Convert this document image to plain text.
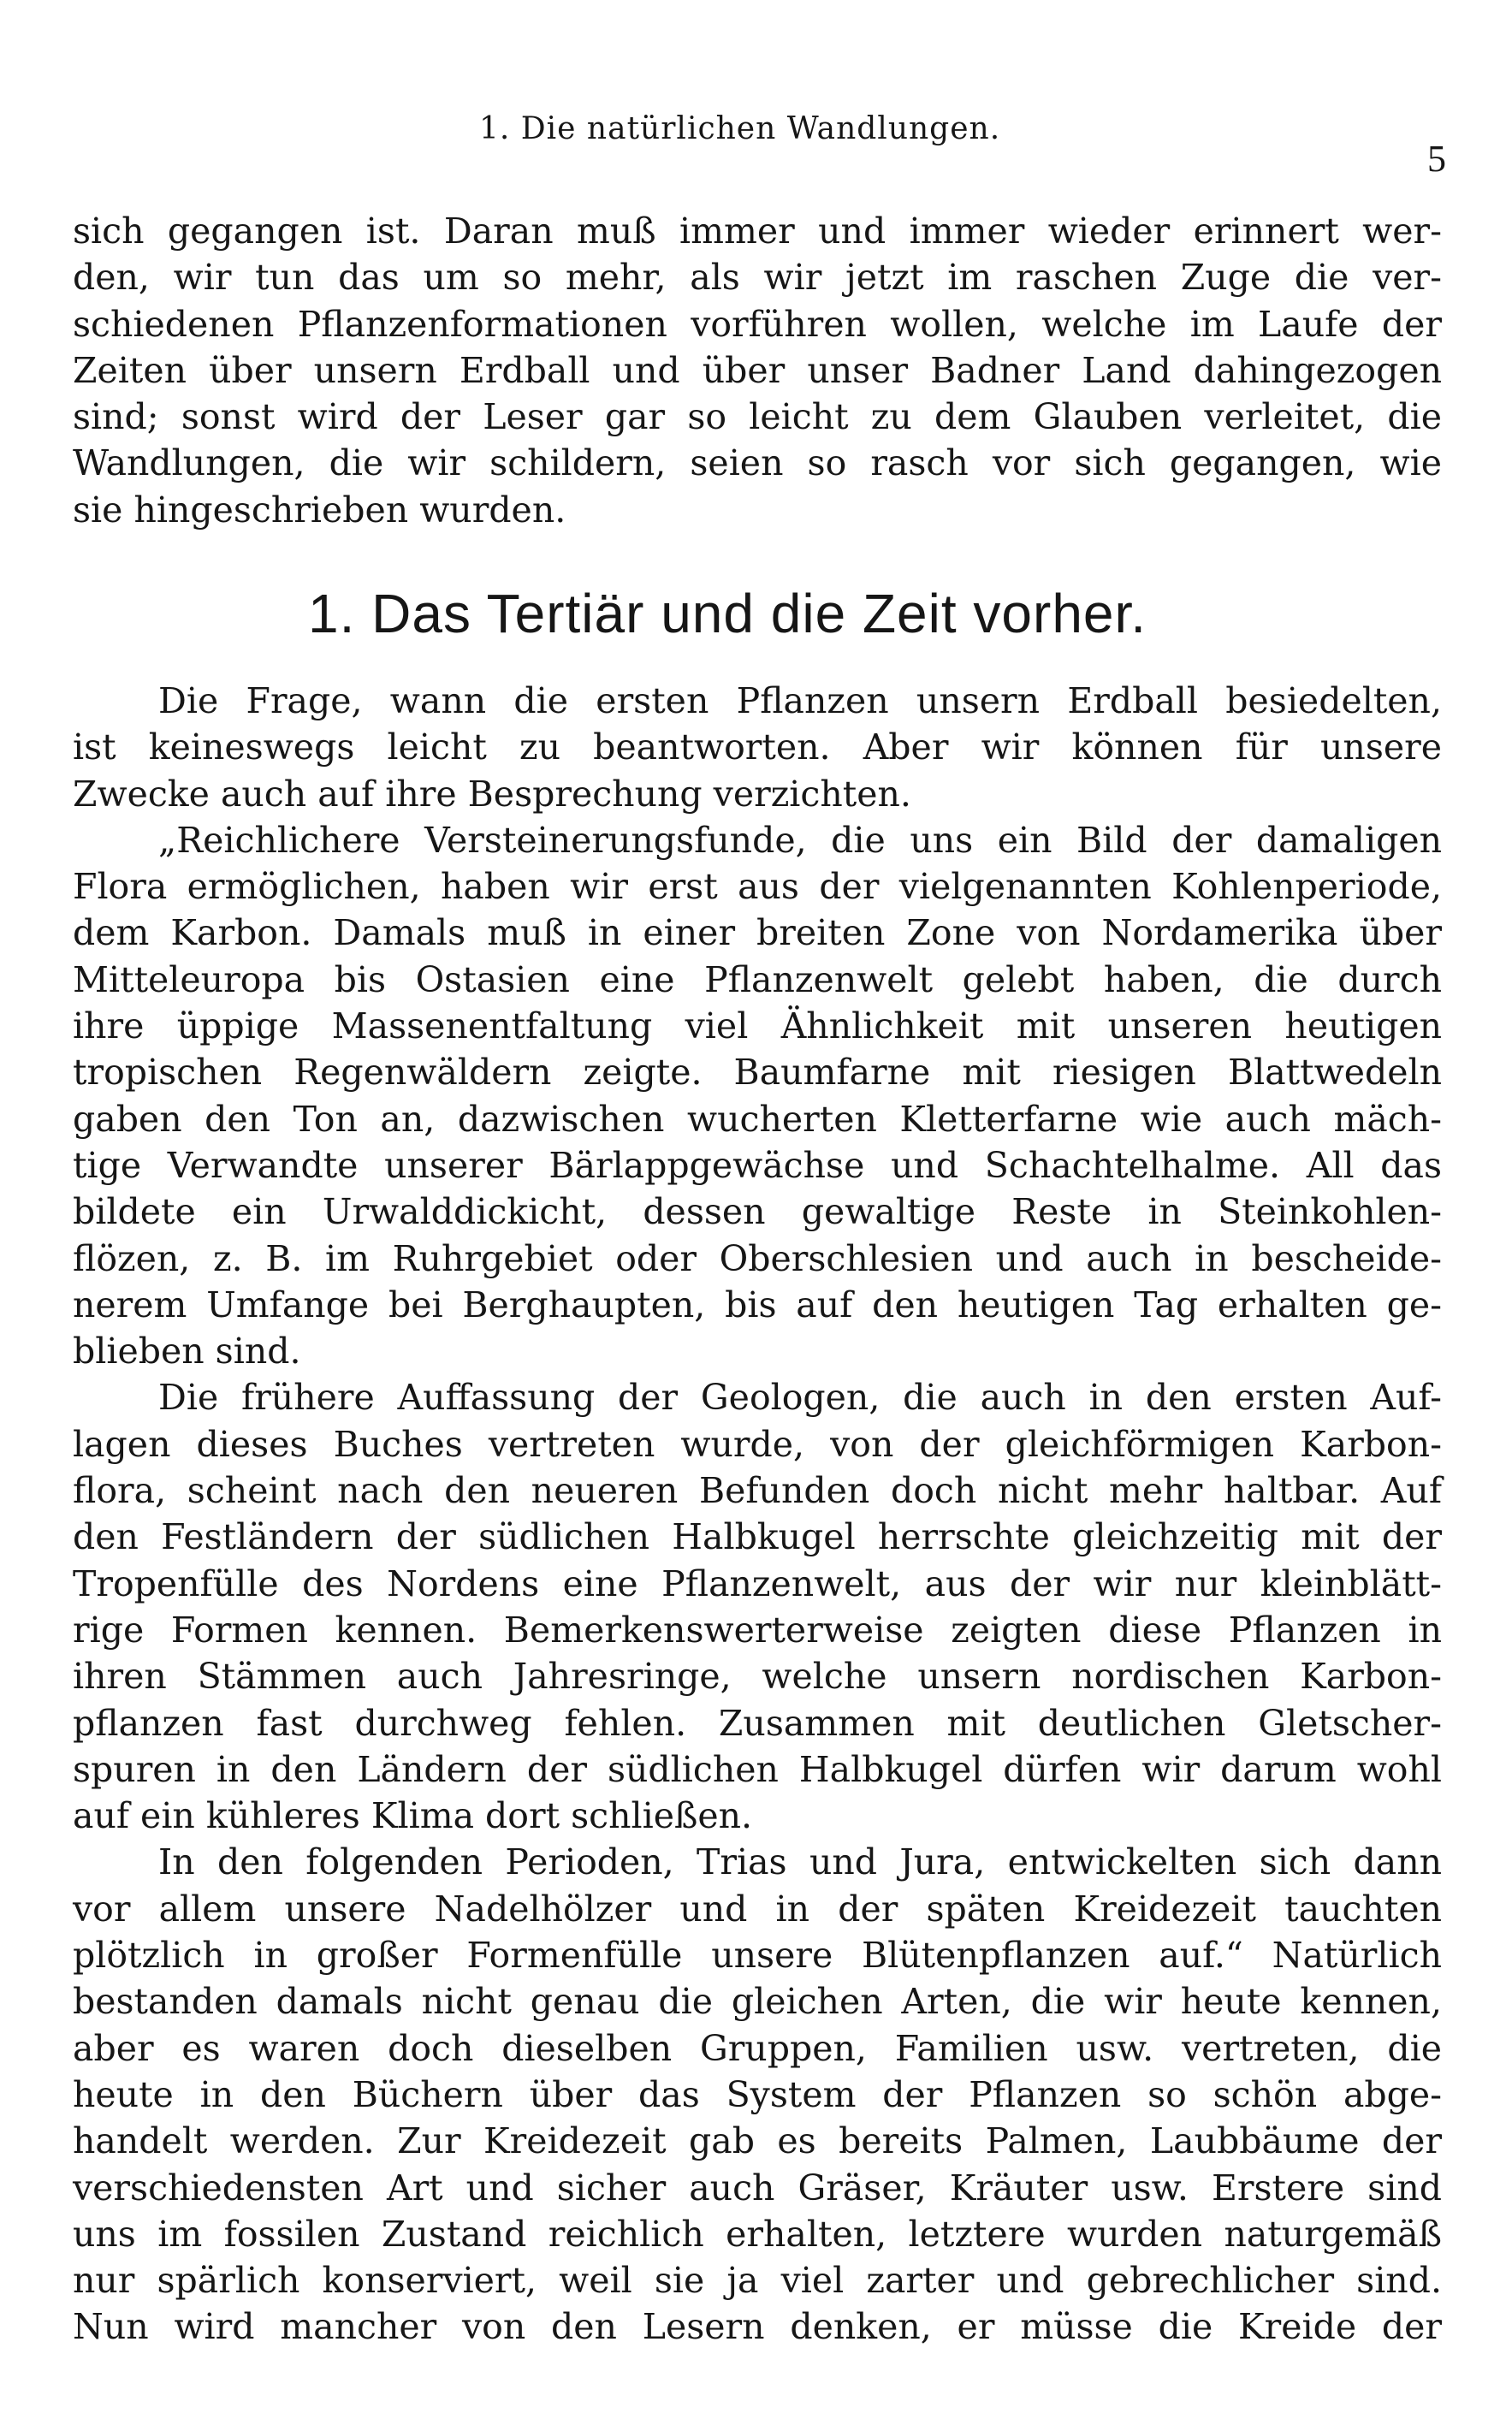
1. Die natürlichen Wandlungen.
5
sich gegangen ist. Daran muß immer und immer wieder erinnert wer-
den, wir tun das um so mehr, als wir jetzt im raschen Zuge die ver-
schiedenen Pflanzenformationen vorführen wollen, welche im Laufe der
Zeiten über unsern Erdball und über unser Badner Land dahingezogen
sind; sonst wird der Leser gar so leicht zu dem Glauben verleitet, die
Wandlungen, die wir schildern, seien so rasch vor sich gegangen, wie
sie hingeschrieben wurden.
1. Das Tertiär und die Zeit vorher.
Die Frage, wann die ersten Pflanzen unsern Erdball besiedelten,
ist keineswegs leicht zu beantworten. Aber wir können für unsere
Zwecke auch auf ihre Besprechung verzichten.
„Reichlichere Versteinerungsfunde, die uns ein Bild der damaligen
Flora ermöglichen, haben wir erst aus der vielgenannten Kohlenperiode,
dem Karbon. Damals muß in einer breiten Zone von Nordamerika über
Mitteleuropa bis Ostasien eine Pflanzenwelt gelebt haben, die durch
ihre üppige Massenentfaltung viel Ähnlichkeit mit unseren heutigen
tropischen Regenwäldern zeigte. Baumfarne mit riesigen Blattwedeln
gaben den Ton an, dazwischen wucherten Kletterfarne wie auch mäch-
tige Verwandte unserer Bärlappgewächse und Schachtelhalme. All das
bildete ein Urwalddickicht, dessen gewaltige Reste in Steinkohlen-
flözen, z. B. im Ruhrgebiet oder Oberschlesien und auch in bescheide-
nerem Umfange bei Berghaupten, bis auf den heutigen Tag erhalten ge-
blieben sind.
Die frühere Auffassung der Geologen, die auch in den ersten Auf-
lagen dieses Buches vertreten wurde, von der gleichförmigen Karbon-
flora, scheint nach den neueren Befunden doch nicht mehr haltbar. Auf
den Festländern der südlichen Halbkugel herrschte gleichzeitig mit der
Tropenfülle des Nordens eine Pflanzenwelt, aus der wir nur kleinblätt-
rige Formen kennen. Bemerkenswerterweise zeigten diese Pflanzen in
ihren Stämmen auch Jahresringe, welche unsern nordischen Karbon-
pflanzen fast durchweg fehlen. Zusammen mit deutlichen Gletscher-
spuren in den Ländern der südlichen Halbkugel dürfen wir darum wohl
auf ein kühleres Klima dort schließen.
In den folgenden Perioden, Trias und Jura, entwickelten sich dann
vor allem unsere Nadelhölzer und in der späten Kreidezeit tauchten
plötzlich in großer Formenfülle unsere Blütenpflanzen auf.“ Natürlich
bestanden damals nicht genau die gleichen Arten, die wir heute kennen,
aber es waren doch dieselben Gruppen, Familien usw. vertreten, die
heute in den Büchern über das System der Pflanzen so schön abge-
handelt werden. Zur Kreidezeit gab es bereits Palmen, Laubbäume der
verschiedensten Art und sicher auch Gräser, Kräuter usw. Erstere sind
uns im fossilen Zustand reichlich erhalten, letztere wurden naturgemäß
nur spärlich konserviert, weil sie ja viel zarter und gebrechlicher sind.
Nun wird mancher von den Lesern denken, er müsse die Kreide der
